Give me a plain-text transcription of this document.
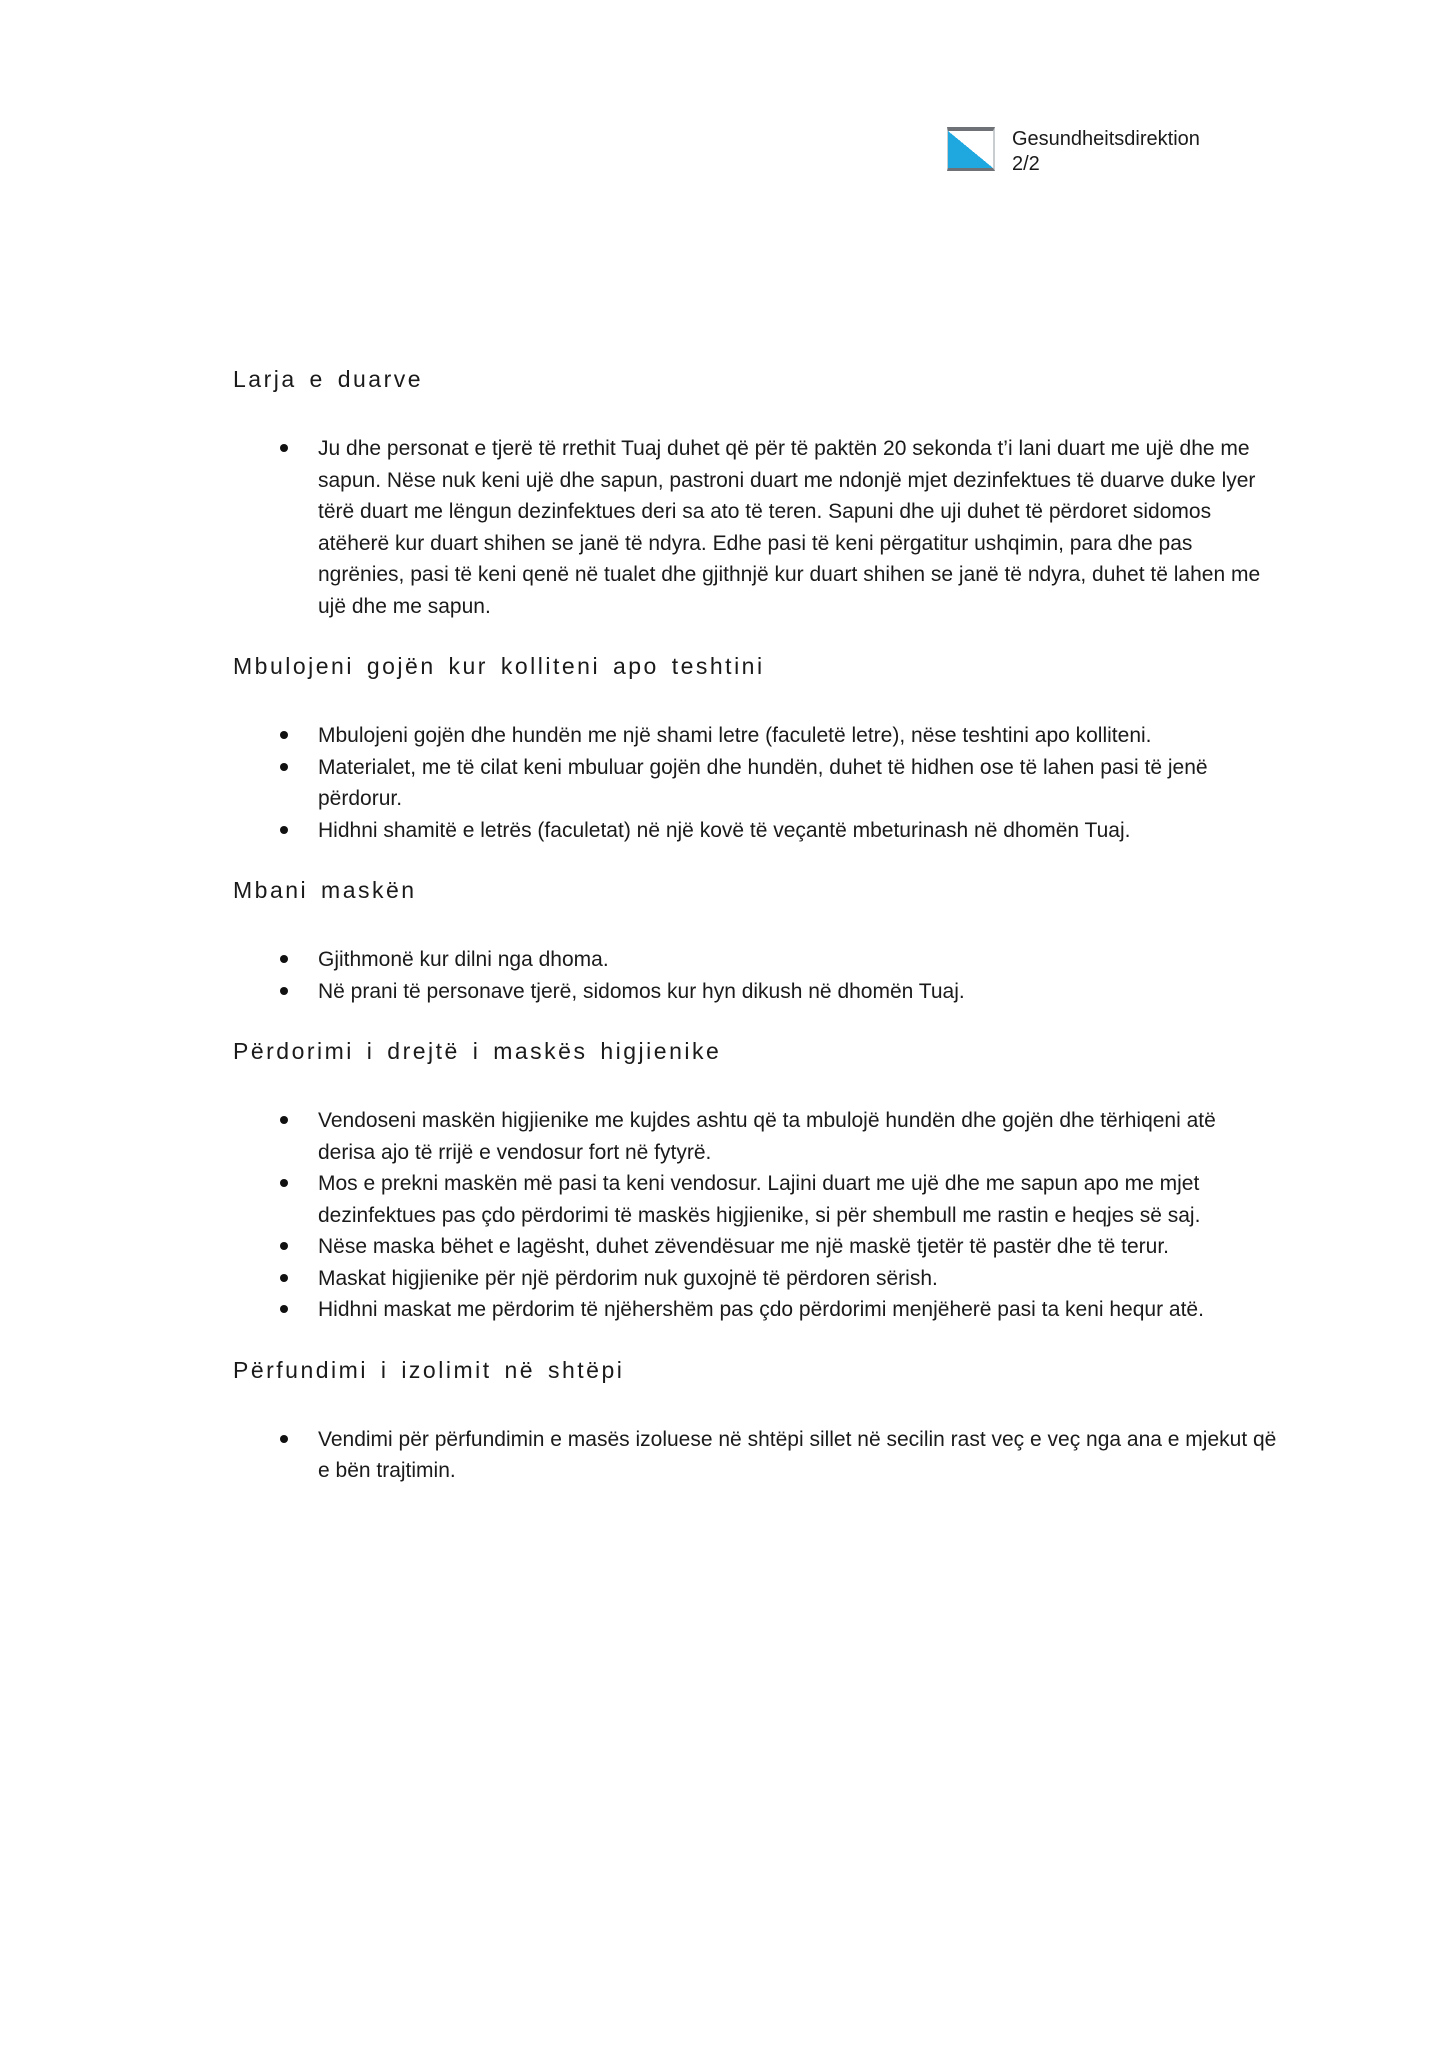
Gesundheitsdirektion
2/2
Larja e duarve
Ju dhe personat e tjerë të rrethit Tuaj duhet që për të paktën 20 sekonda t’i lani duart me ujë dhe me sapun. Nëse nuk keni ujë dhe sapun, pastroni duart me ndonjë mjet dezinfektues të duarve duke lyer tërë duart me lëngun dezinfektues deri sa ato të teren. Sapuni dhe uji duhet të përdoret sidomos atëherë kur duart shihen se janë të ndyra. Edhe pasi të keni përgatitur ushqimin, para dhe pas ngrënies, pasi të keni qenë në tualet dhe gjithnjë kur duart shihen se janë të ndyra, duhet të lahen me ujë dhe me sapun.
Mbulojeni gojën kur kolliteni apo teshtini
Mbulojeni gojën dhe hundën me një shami letre (faculetë letre), nëse teshtini apo kolliteni.
Materialet, me të cilat keni mbuluar gojën dhe hundën, duhet të hidhen ose të lahen pasi të jenë përdorur.
Hidhni shamitë e letrës (faculetat) në një kovë të veçantë mbeturinash në dhomën Tuaj.
Mbani maskën
Gjithmonë kur dilni nga dhoma.
Në prani të personave tjerë, sidomos kur hyn dikush në dhomën Tuaj.
Përdorimi i drejtë i maskës higjienike
Vendoseni maskën higjienike me kujdes ashtu që ta mbulojë hundën dhe gojën dhe tërhiqeni atë derisa ajo të rrijë e vendosur fort në fytyrë.
Mos e prekni maskën më pasi ta keni vendosur. Lajini duart me ujë dhe me sapun apo me mjet dezinfektues pas çdo përdorimi të maskës higjienike, si për shembull me rastin e heqjes së saj.
Nëse maska bëhet e lagësht, duhet zëvendësuar me një maskë tjetër të pastër dhe të terur.
Maskat higjienike për një përdorim nuk guxojnë të përdoren sërish.
Hidhni maskat me përdorim të njëhershëm pas çdo përdorimi menjëherë pasi ta keni hequr atë.
Përfundimi i izolimit në shtëpi
Vendimi për përfundimin e masës izoluese në shtëpi sillet në secilin rast veç e veç nga ana e mjekut që e bën trajtimin.
